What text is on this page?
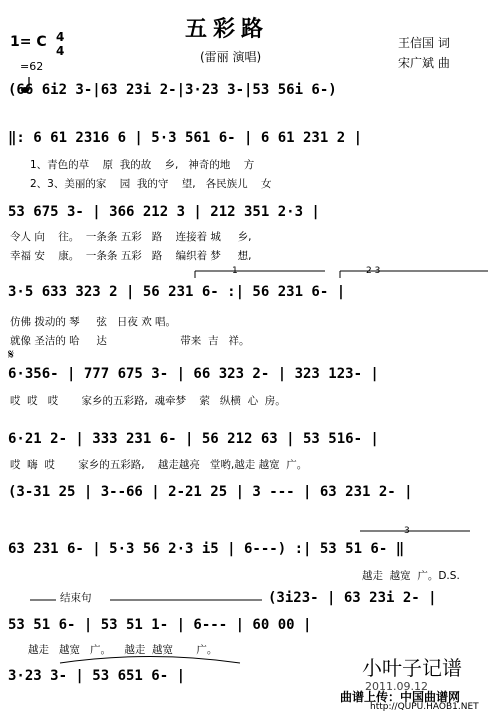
五彩路
(雷丽 演唱)
1= C 4
4

=62
王信国 词
宋广斌 曲
(66 6i2 3-|63 23i 2-|3·23 3-|53 56i 6-)
‖: 6 61 2316 6 | 5·3 561 6- | 6 61 231 2 |
1、青色的草    原  我的故    乡,   神奇的地    方
2、3、美丽的家    园  我的守    望,   各民族儿    女
53 675 3- | 366 212 3 | 212 351 2·3 |
令人 向    往。  一条条 五彩   路    连接着 城     乡,
幸福 安    康。  一条条 五彩   路    编织着 梦     想,
1	2 3
3·5 633 323 2 | 56 231 6- :| 56 231 6- |
仿佛 拨动的 琴     弦   日夜 欢 唱。
就像 圣洁的 哈     达                      带来  吉   祥。
𝄋
6·356- | 777 675 3- | 66 323 2- | 323 123- |
哎  哎   哎       家乡的五彩路,  魂牵梦    萦   纵横  心  房。
6·21 2- | 333 231 6- | 56 212 63 | 53 516- |
哎  嗨  哎       家乡的五彩路,    越走越亮   堂哟,越走 越宽  广。
(3-31 25 | 3--66 | 2-21 25 | 3 --- | 63 231 2- |
3
63 231 6- | 5·3 56 2·3 i5 | 6---) :| 53 51 6- ‖
越走  越宽  广。D.S.
结束句	(3i23- | 63 23i 2- |
53 51 6- | 53 51 1- | 6--- | 60 00 |
越走   越宽   广。    越走  越宽       广。
3·23 3- | 53 651 6- |	小叶子记谱
2011.09.12
曲谱上传：中国曲谱网
http://QUPU.HAOB1.NET
